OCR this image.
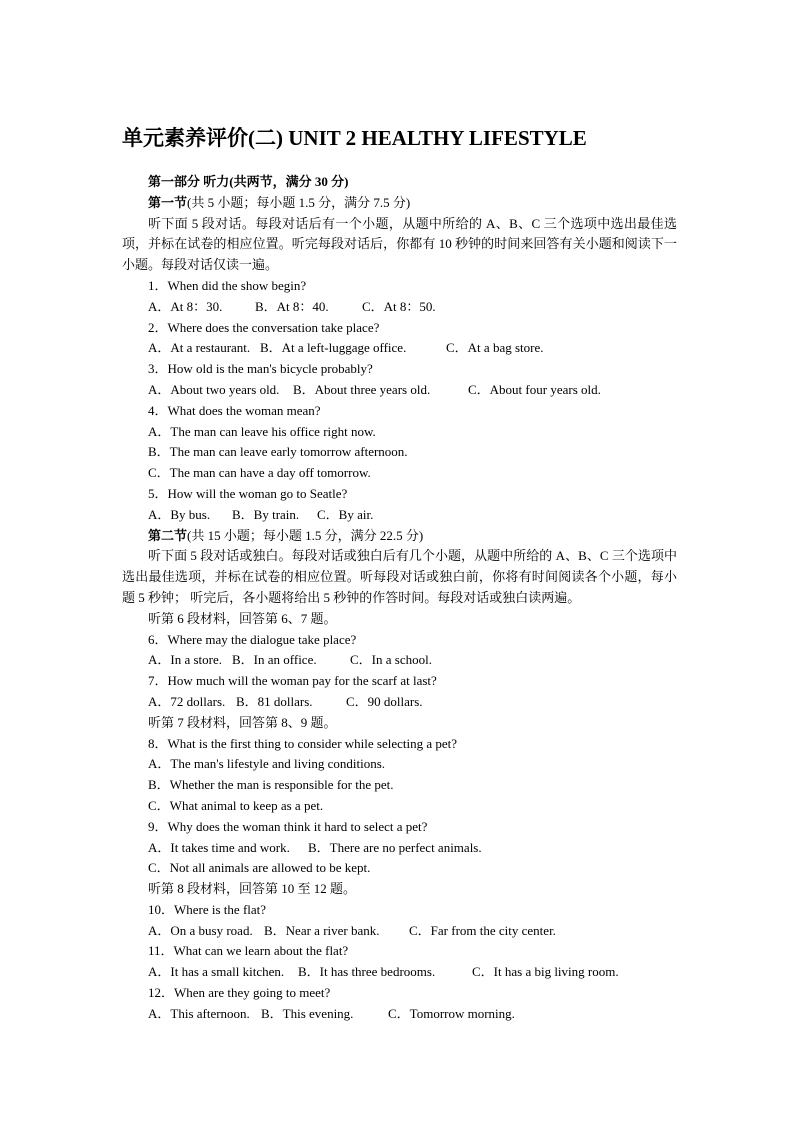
单元素养评价(二) UNIT 2 HEALTHY LIFESTYLE
第一部分 听力(共两节，满分 30 分)
第一节(共 5 小题；每小题 1.5 分，满分 7.5 分)
听下面 5 段对话。每段对话后有一个小题，从题中所给的 A、B、C 三个选项中选出最佳选项，并标在试卷的相应位置。听完每段对话后，你都有 10 秒钟的时间来回答有关小题和阅读下一小题。每段对话仅读一遍。
1．When did the show begin?
A．At 8：30.	B．At 8：40.	C．At 8：50.
2．Where does the conversation take place?
A．At a restaurant. B．At a left-luggage office.	C．At a bag store.
3．How old is the man's bicycle probably?
A．About two years old. B．About three years old.	C．About four years old.
4．What does the woman mean?
A．The man can leave his office right now.
B．The man can leave early tomorrow afternoon.
C．The man can have a day off tomorrow.
5．How will the woman go to Seatle?
A．By bus. B．By train. C．By air.
第二节(共 15 小题；每小题 1.5 分，满分 22.5 分)
听下面 5 段对话或独白。每段对话或独白后有几个小题，从题中所给的 A、B、C 三个选项中选出最佳选项，并标在试卷的相应位置。听每段对话或独白前，你将有时间阅读各个小题，每小题 5 秒钟； 听完后，各小题将给出 5 秒钟的作答时间。每段对话或独白读两遍。
听第 6 段材料，回答第 6、7 题。
6．Where may the dialogue take place?
A．In a store. B．In an office.	C．In a school.
7．How much will the woman pay for the scarf at last?
A．72 dollars. B．81 dollars.	C．90 dollars.
听第 7 段材料，回答第 8、9 题。
8．What is the first thing to consider while selecting a pet?
A．The man's lifestyle and living conditions.
B．Whether the man is responsible for the pet.
C．What animal to keep as a pet.
9．Why does the woman think it hard to select a pet?
A．It takes time and work. B．There are no perfect animals.
C．Not all animals are allowed to be kept.
听第 8 段材料，回答第 10 至 12 题。
10．Where is the flat?
A．On a busy road. B．Near a river bank. C．Far from the city center.
11．What can we learn about the flat?
A．It has a small kitchen. B．It has three bedrooms.	C．It has a big living room.
12．When are they going to meet?
A．This afternoon. B．This evening.	C．Tomorrow morning.
